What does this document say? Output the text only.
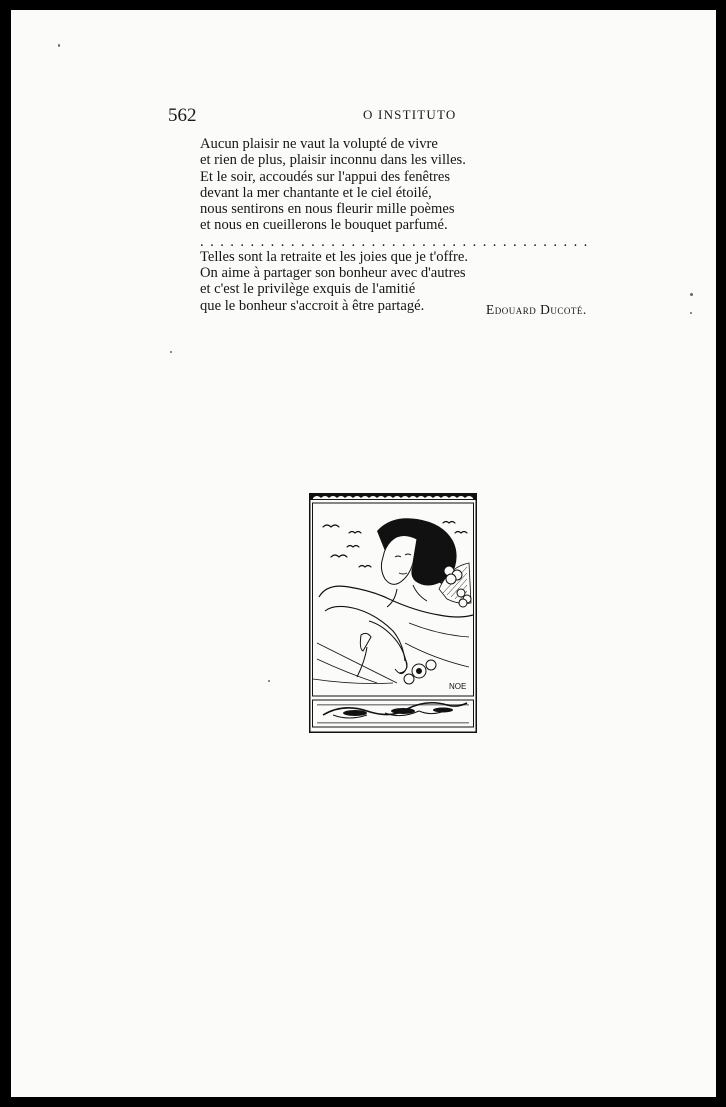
562	O INSTITUTO
Aucun plaisir ne vaut la volupté de vivre
et rien de plus, plaisir inconnu dans les villes.
Et le soir, accoudés sur l'appui des fenêtres
devant la mer chantante et le ciel étoilé,
nous sentirons en nous fleurir mille poèmes
et nous en cueillerons le bouquet parfumé.
. . . . . . . . . . . . . . . . . . . . . . . . . . . . . . . . . . . . . . .
Telles sont la retraite et les joies que je t'offre.
On aime à partager son bonheur avec d'autres
et c'est le privilège exquis de l'amitié
que le bonheur s'accroit à être partagé.	Edouard Ducoté.
NOE
